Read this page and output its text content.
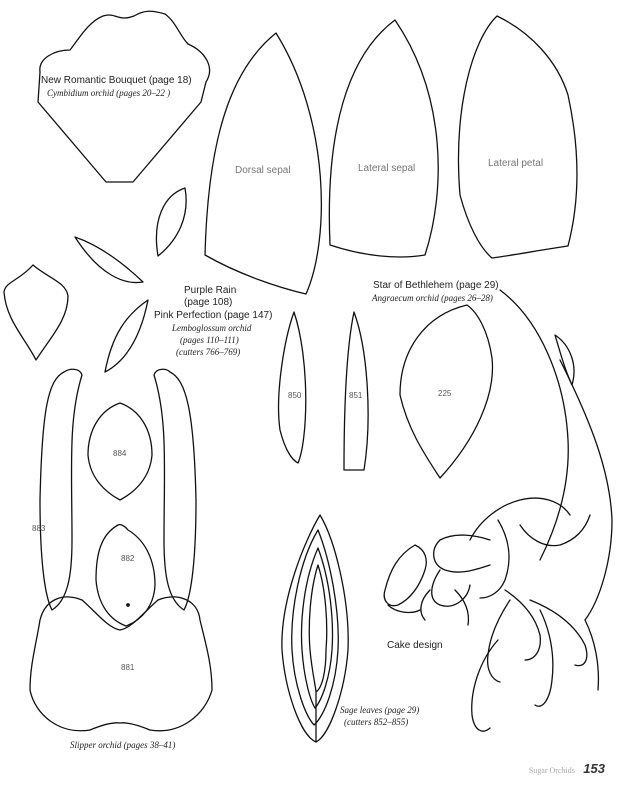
New Romantic Bouquet (page 18)
Cymbidium orchid (pages 20–22 )
Dorsal sepal	Lateral sepal	Lateral petal
Purple Rain
(page 108)
Pink Perfection (page 147)
Lemboglossum orchid
(pages 110–111)
(cutters 766–769)
Star of Bethlehem (page 29)
Angraecum orchid (pages 26–28)
850	851	225
884
883
882
881
Cake design
Sage leaves (page 29)
(cutters 852–855)
Slipper orchid (pages 38–41)
Sugar Orchids 153
